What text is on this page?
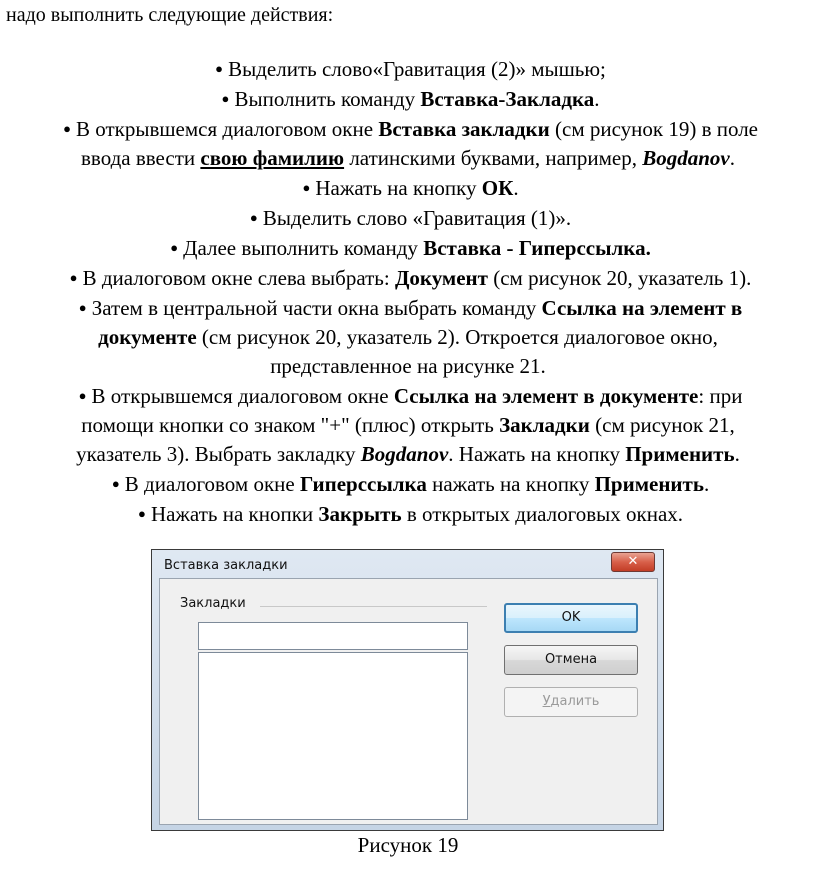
надо выполнить следующие действия:
● Выделить слово«Гравитация (2)» мышью;
● Выполнить команду Вставка-Закладка.
● В открывшемся диалоговом окне Вставка закладки (см рисунок 19) в поле
ввода ввести свою фамилию латинскими буквами, например, Bogdanov.
● Нажать на кнопку ОК.
● Выделить слово «Гравитация (1)».
● Далее выполнить команду Вставка - Гиперссылка.
● В диалоговом окне слева выбрать: Документ (см рисунок 20, указатель 1).
● Затем в центральной части окна выбрать команду Ссылка на элемент в
документе (см рисунок 20, указатель 2). Откроется диалоговое окно,
представленное на рисунке 21.
● В открывшемся диалоговом окне Ссылка на элемент в документе: при
помощи кнопки со знаком "+" (плюс) открыть Закладки (см рисунок 21,
указатель 3). Выбрать закладку Bogdanov. Нажать на кнопку Применить.
● В диалоговом окне Гиперссылка нажать на кнопку Применить.
● Нажать на кнопки Закрыть в открытых диалоговых окнах.
Вставка закладки	✕
Закладки
OK
Отмена
Удалить
Рисунок 19
